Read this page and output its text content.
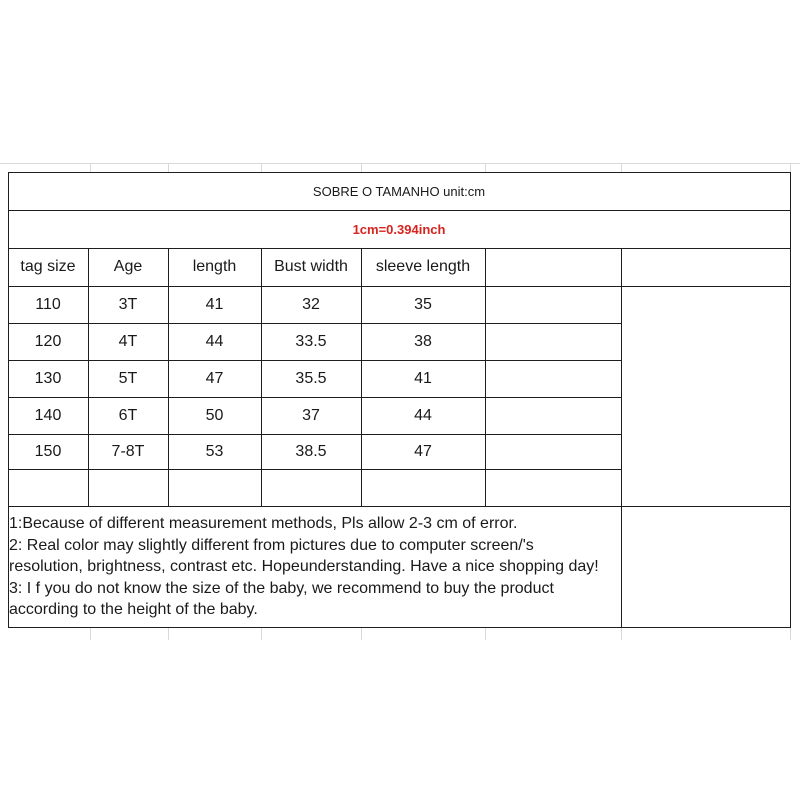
SOBRE O TAMANHO unit:cm
1cm=0.394inch
tag size	Age	length	Bust width	sleeve length
110	3T	41	32	35
120	4T	44	33.5	38
130	5T	47	35.5	41
140	6T	50	37	44
150	7-8T	53	38.5	47
1:Because of different measurement methods, Pls allow 2-3 cm of error.
2: Real color may slightly different from pictures due to computer screen/'s
resolution, brightness, contrast etc. Hopeunderstanding. Have a nice shopping day!
3: I f you do not know the size of the baby, we recommend to buy the product
according to the height of the baby.
